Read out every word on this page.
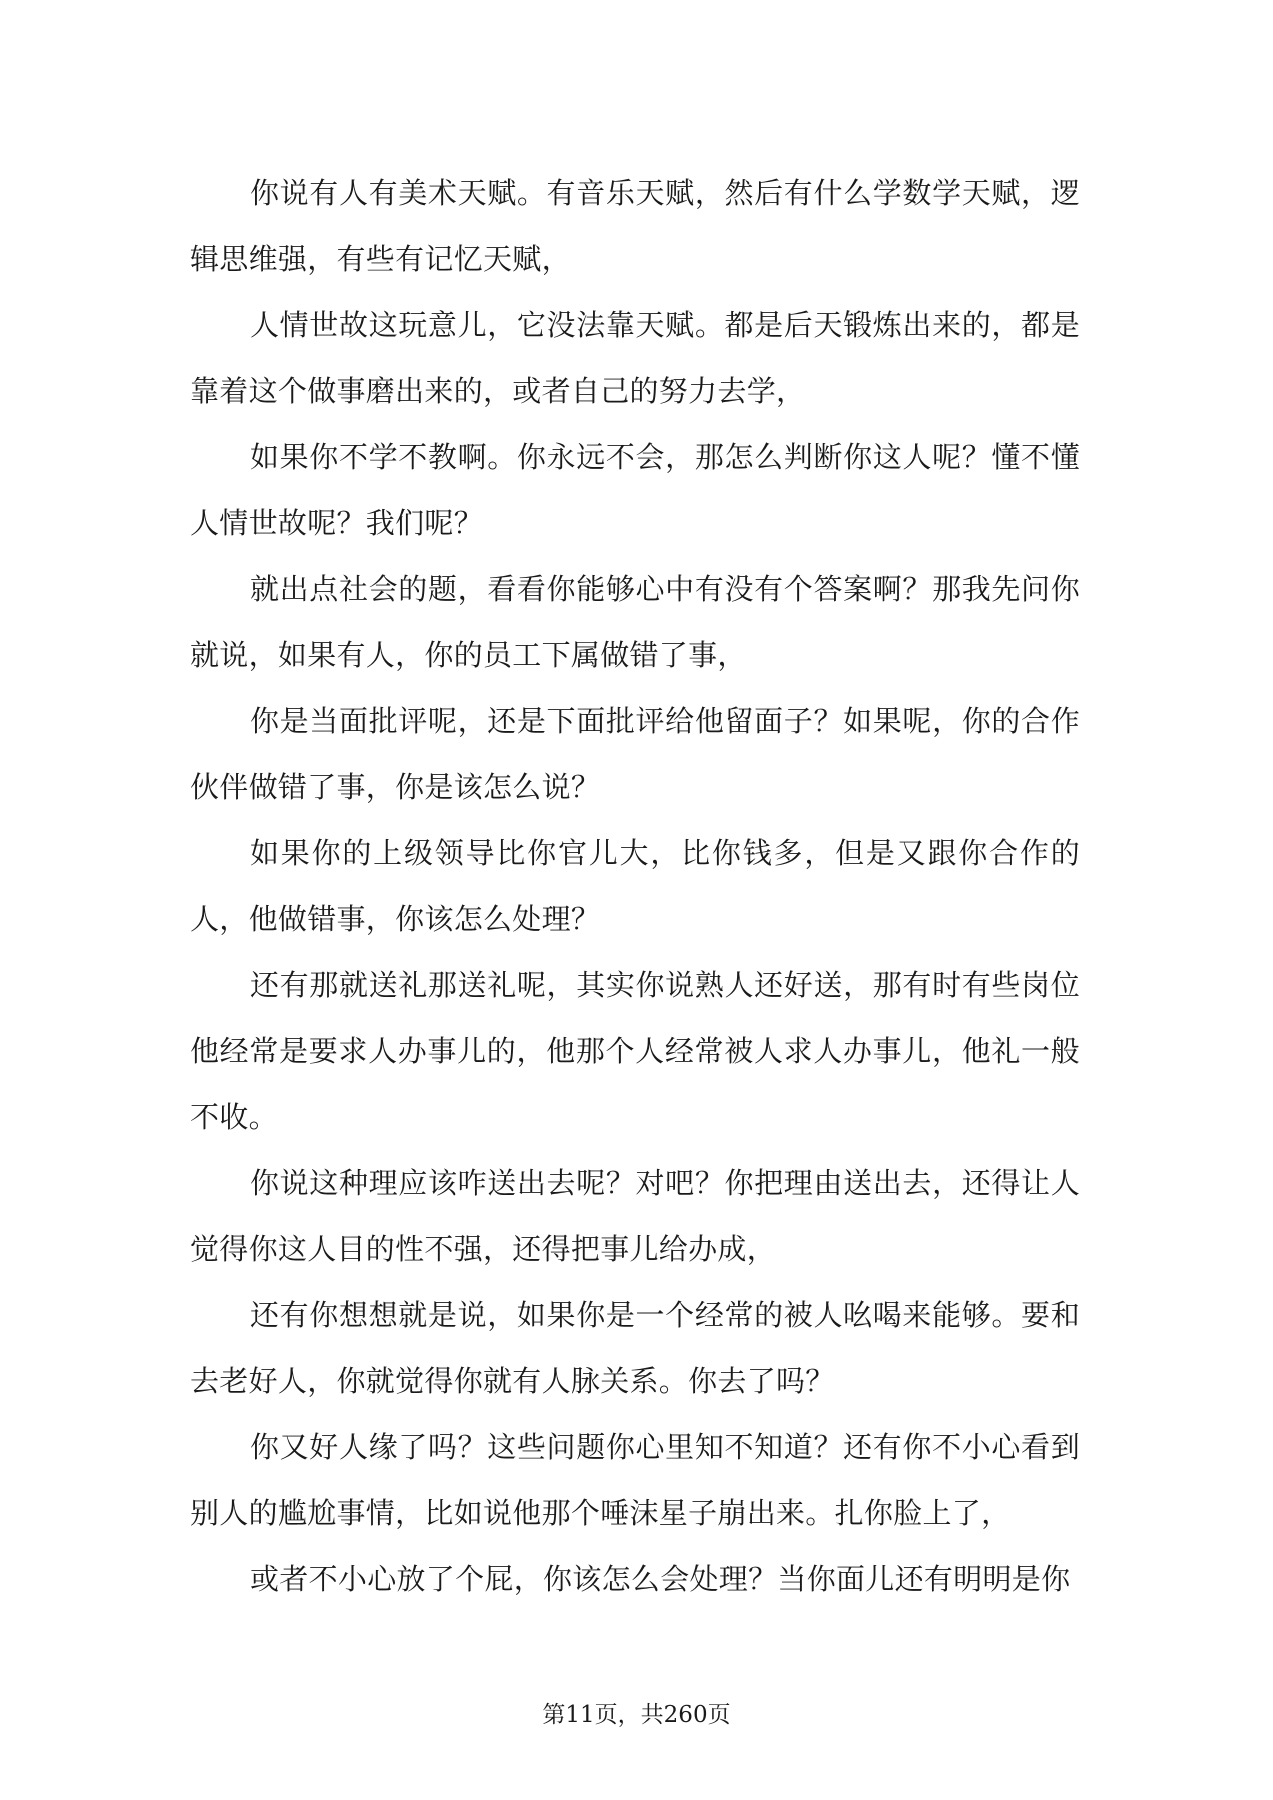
你说有人有美术天赋。有音乐天赋，然后有什么学数学天赋，逻辑思维强，有些有记忆天赋，

人情世故这玩意儿，它没法靠天赋。都是后天锻炼出来的，都是靠着这个做事磨出来的，或者自己的努力去学，

如果你不学不教啊。你永远不会，那怎么判断你这人呢？懂不懂人情世故呢？我们呢？

就出点社会的题，看看你能够心中有没有个答案啊？那我先问你就说，如果有人，你的员工下属做错了事，

你是当面批评呢，还是下面批评给他留面子？如果呢，你的合作伙伴做错了事，你是该怎么说？

如果你的上级领导比你官儿大，比你钱多，但是又跟你合作的人，他做错事，你该怎么处理？

还有那就送礼那送礼呢，其实你说熟人还好送，那有时有些岗位他经常是要求人办事儿的，他那个人经常被人求人办事儿，他礼一般不收。

你说这种理应该咋送出去呢？对吧？你把理由送出去，还得让人觉得你这人目的性不强，还得把事儿给办成，

还有你想想就是说，如果你是一个经常的被人吆喝来能够。要和去老好人，你就觉得你就有人脉关系。你去了吗？

你又好人缘了吗？这些问题你心里知不知道？还有你不小心看到别人的尴尬事情，比如说他那个唾沫星子崩出来。扎你脸上了，

或者不小心放了个屁，你该怎么会处理？当你面儿还有明明是你

第11页，共260页
